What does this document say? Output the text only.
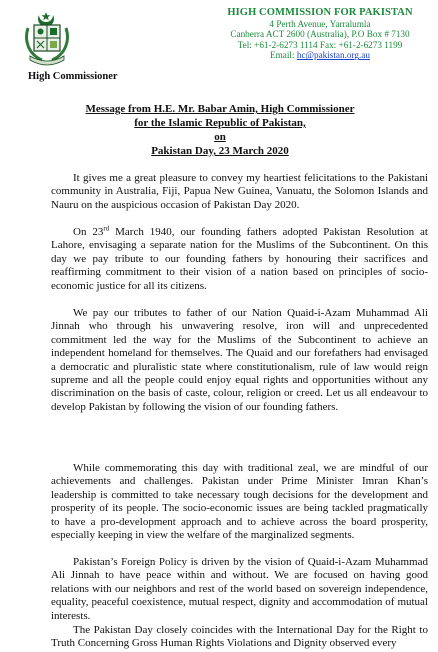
High Commissioner
HIGH COMMISSION FOR PAKISTAN
4 Perth Avenue, Yarralumla
Canberra ACT 2600 (Australia), P.O Box # 7130
Tel: +61-2-6273 1114 Fax: +61-2-6273 1199
Email: hc@pakistan.org.au
Message from H.E. Mr. Babar Amin, High Commissioner
for the Islamic Republic of Pakistan,
on
Pakistan Day, 23 March 2020

It gives me a great pleasure to convey my heartiest felicitations to the Pakistani community in Australia, Fiji, Papua New Guinea, Vanuatu, the Solomon Islands and Nauru on the auspicious occasion of Pakistan Day 2020.

On 23rd March 1940, our founding fathers adopted Pakistan Resolution at Lahore, envisaging a separate nation for the Muslims of the Subcontinent. On this day we pay tribute to our founding fathers by honouring their sacrifices and reaffirming commitment to their vision of a nation based on principles of socio-economic justice for all its citizens.

We pay our tributes to father of our Nation Quaid-i-Azam Muhammad Ali Jinnah who through his unwavering resolve, iron will and unprecedented commitment led the way for the Muslims of the Subcontinent to achieve an independent homeland for themselves. The Quaid and our forefathers had envisaged a democratic and pluralistic state where constitutionalism, rule of law would reign supreme and all the people could enjoy equal rights and opportunities without any discrimination on the basis of caste, colour, religion or creed. Let us all endeavour to develop Pakistan by following the vision of our founding fathers.

While commemorating this day with traditional zeal, we are mindful of our achievements and challenges. Pakistan under Prime Minister Imran Khan’s leadership is committed to take necessary tough decisions for the development and prosperity of its people. The socio-economic issues are being tackled pragmatically to have a pro-development approach and to achieve across the board prosperity, especially keeping in view the welfare of the marginalized segments.

Pakistan’s Foreign Policy is driven by the vision of Quaid-i-Azam Muhammad Ali Jinnah to have peace within and without. We are focused on having good relations with our neighbors and rest of the world based on sovereign independence, equality, peaceful coexistence, mutual respect, dignity and accommodation of mutual interests.

The Pakistan Day closely coincides with the International Day for the Right to Truth Concerning Gross Human Rights Violations and Dignity observed every
